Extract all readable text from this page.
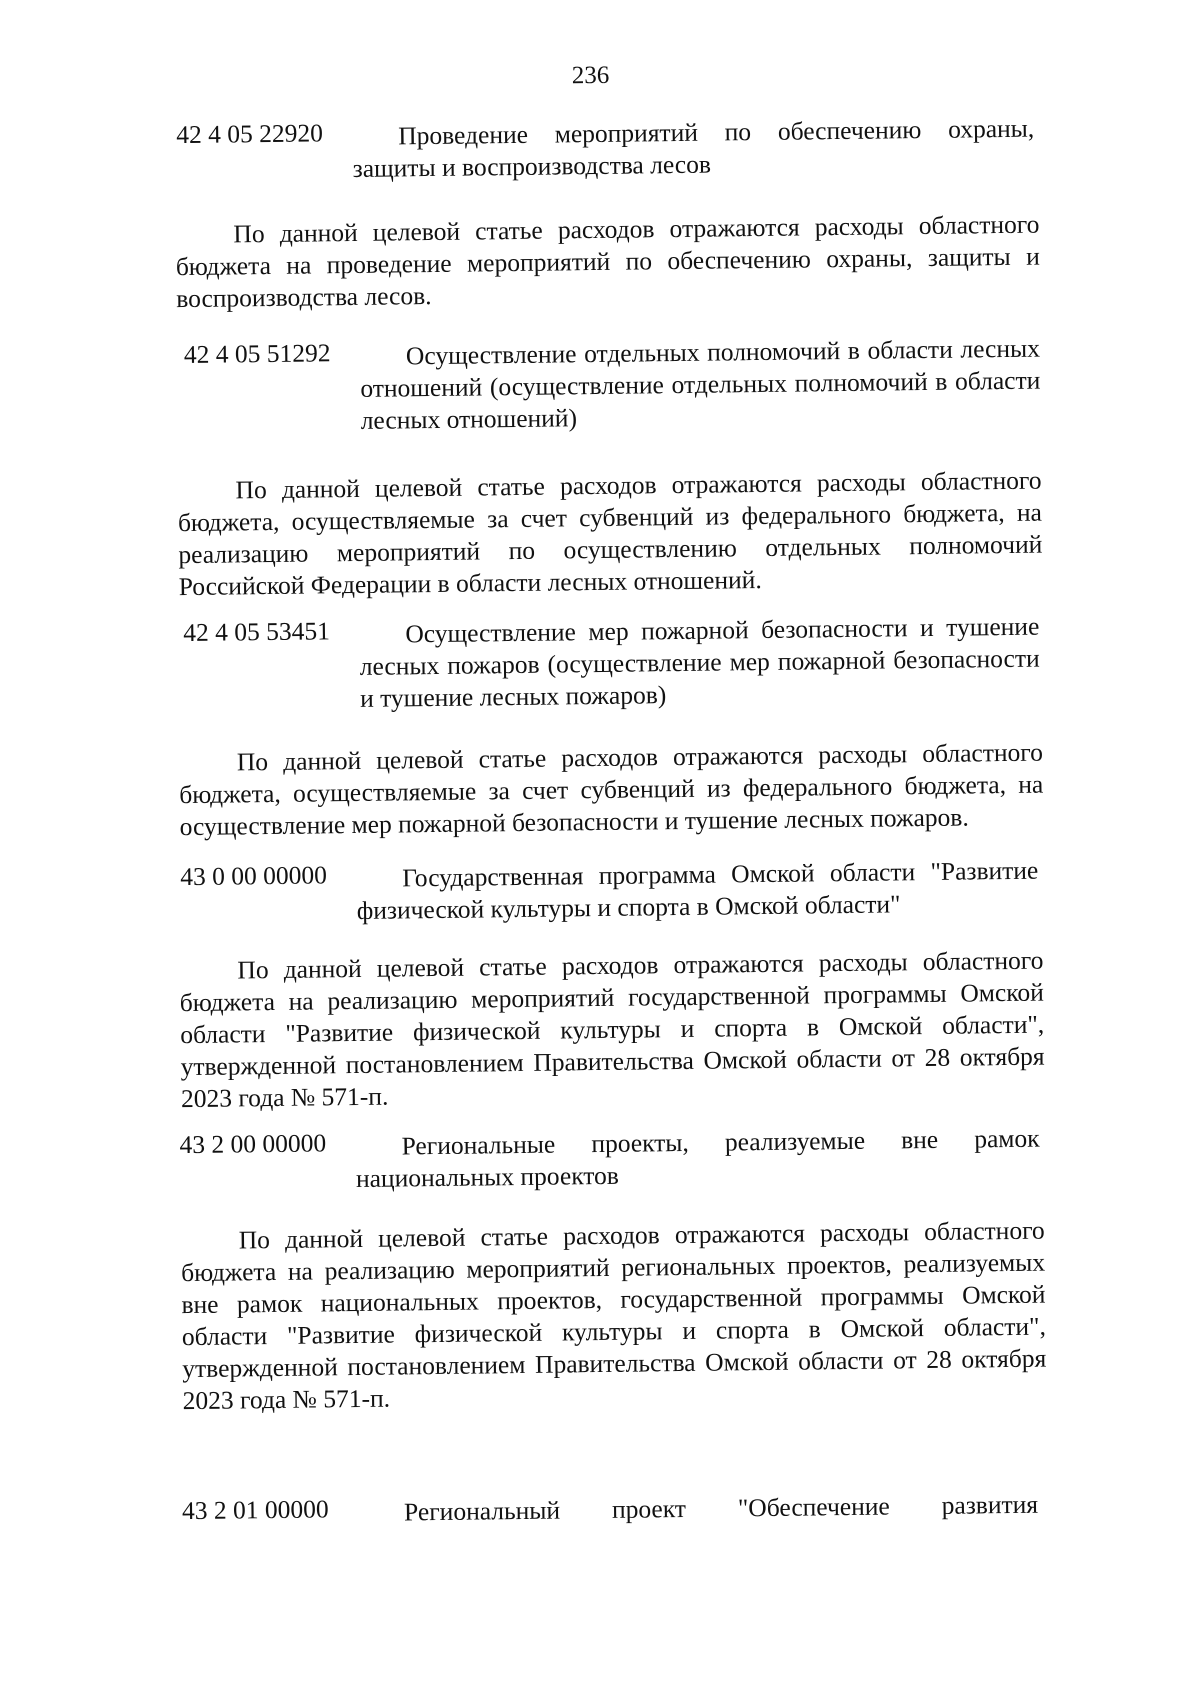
236
42 4 05 22920	Проведение мероприятий по обеспечению охраны, защиты и воспроизводства лесов
По данной целевой статье расходов отражаются расходы областного бюджета на проведение мероприятий по обеспечению охраны, защиты и воспроизводства лесов.
42 4 05 51292	Осуществление отдельных полномочий в области лесных отношений (осуществление отдельных полномочий в области лесных отношений)
По данной целевой статье расходов отражаются расходы областного бюджета, осуществляемые за счет субвенций из федерального бюджета, на реализацию мероприятий по осуществлению отдельных полномочий Российской Федерации в области лесных отношений.
42 4 05 53451	Осуществление мер пожарной безопасности и тушение лесных пожаров (осуществление мер пожарной безопасности и тушение лесных пожаров)
По данной целевой статье расходов отражаются расходы областного бюджета, осуществляемые за счет субвенций из федерального бюджета, на осуществление мер пожарной безопасности и тушение лесных пожаров.
43 0 00 00000	Государственная программа Омской области "Развитие физической культуры и спорта в Омской области"
По данной целевой статье расходов отражаются расходы областного бюджета на реализацию мероприятий государственной программы Омской области "Развитие физической культуры и спорта в Омской области", утвержденной постановлением Правительства Омской области от 28 октября 2023 года № 571-п.
43 2 00 00000	Региональные проекты, реализуемые вне рамок национальных проектов
По данной целевой статье расходов отражаются расходы областного бюджета на реализацию мероприятий региональных проектов, реализуемых вне рамок национальных проектов, государственной программы Омской области "Развитие физической культуры и спорта в Омской области", утвержденной постановлением Правительства Омской области от 28 октября 2023 года № 571-п.
43 2 01 00000	Региональный проект "Обеспечение развития
